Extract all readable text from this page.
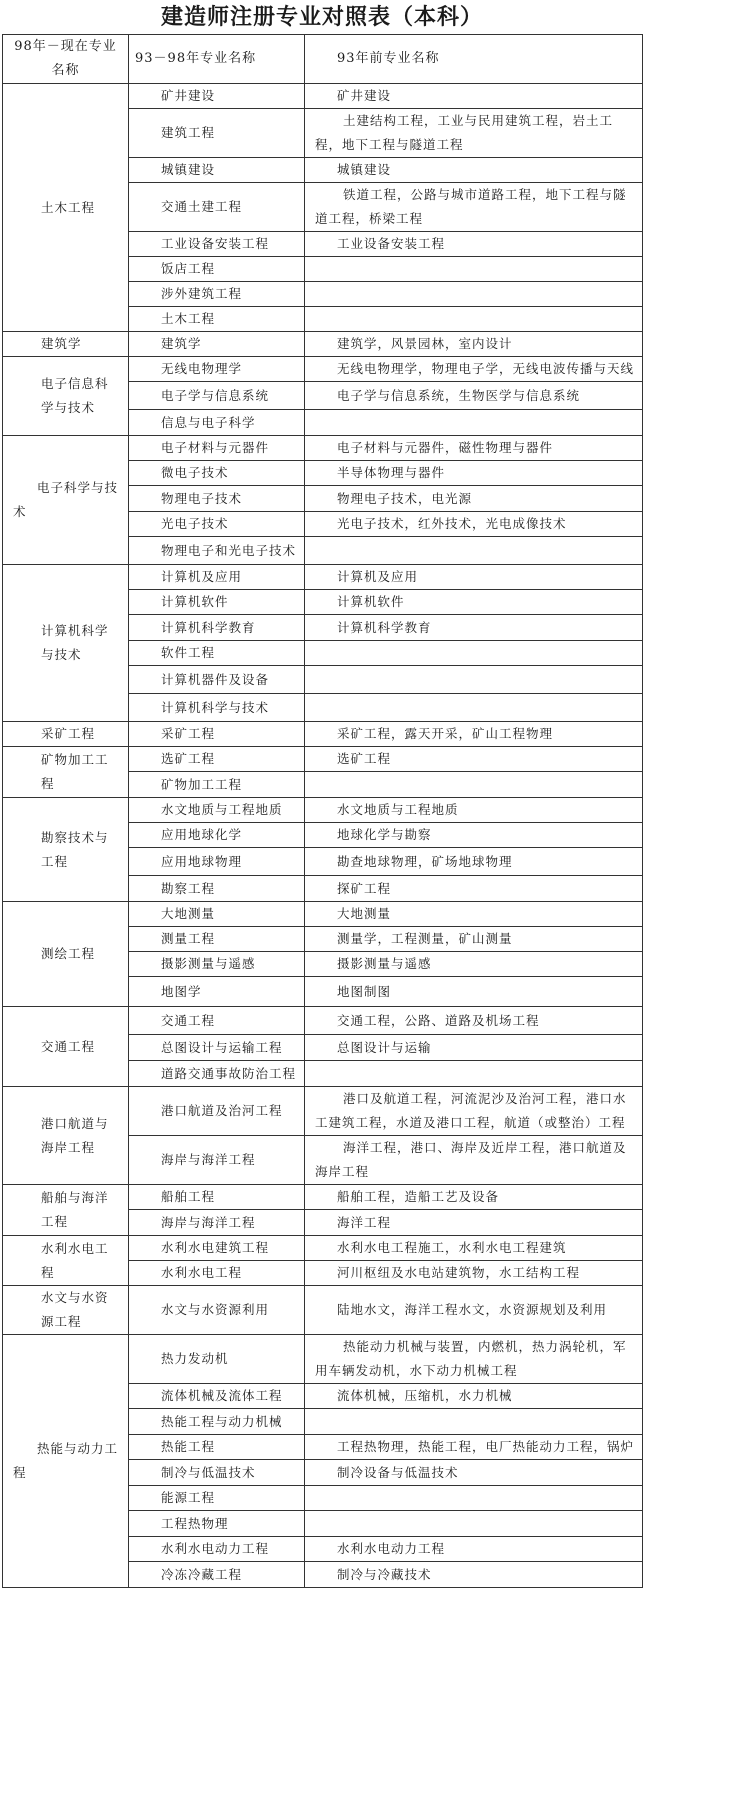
建造师注册专业对照表（本科）
98年－现在专业名称	93－98年专业名称	93年前专业名称
土木工程	矿井建设	矿井建设
	建筑工程	土建结构工程，工业与民用建筑工程，岩土工程，地下工程与隧道工程
	城镇建设	城镇建设
	交通土建工程	铁道工程，公路与城市道路工程，地下工程与隧道工程，桥梁工程
	工业设备安装工程	工业设备安装工程
	饭店工程	
	涉外建筑工程	
	土木工程	
建筑学	建筑学	建筑学，风景园林，室内设计
电子信息科学与技术	无线电物理学	无线电物理学，物理电子学，无线电波传播与天线
	电子学与信息系统	电子学与信息系统，生物医学与信息系统
	信息与电子科学	
电子科学与技术	电子材料与元器件	电子材料与元器件，磁性物理与器件
	微电子技术	半导体物理与器件
	物理电子技术	物理电子技术，电光源
	光电子技术	光电子技术，红外技术，光电成像技术
	物理电子和光电子技术	
计算机科学与技术	计算机及应用	计算机及应用
	计算机软件	计算机软件
	计算机科学教育	计算机科学教育
	软件工程	
	计算机器件及设备	
	计算机科学与技术	
采矿工程	采矿工程	采矿工程，露天开采，矿山工程物理
矿物加工工程	选矿工程	选矿工程
	矿物加工工程	
勘察技术与工程	水文地质与工程地质	水文地质与工程地质
	应用地球化学	地球化学与勘察
	应用地球物理	勘查地球物理，矿场地球物理
	勘察工程	探矿工程
测绘工程	大地测量	大地测量
	测量工程	测量学，工程测量，矿山测量
	摄影测量与遥感	摄影测量与遥感
	地图学	地图制图
交通工程	交通工程	交通工程，公路、道路及机场工程
	总图设计与运输工程	总图设计与运输
	道路交通事故防治工程	
港口航道与海岸工程	港口航道及治河工程	港口及航道工程，河流泥沙及治河工程，港口水工建筑工程，水道及港口工程，航道（或整治）工程
	海岸与海洋工程	海洋工程，港口、海岸及近岸工程，港口航道及海岸工程
船舶与海洋工程	船舶工程	船舶工程，造船工艺及设备
	海岸与海洋工程	海洋工程
水利水电工程	水利水电建筑工程	水利水电工程施工，水利水电工程建筑
	水利水电工程	河川枢纽及水电站建筑物，水工结构工程
水文与水资源工程	水文与水资源利用	陆地水文，海洋工程水文，水资源规划及利用
热能与动力工程	热力发动机	热能动力机械与装置，内燃机，热力涡轮机，军用车辆发动机，水下动力机械工程
	流体机械及流体工程	流体机械，压缩机，水力机械
	热能工程与动力机械	
	热能工程	工程热物理，热能工程，电厂热能动力工程，锅炉
	制冷与低温技术	制冷设备与低温技术
	能源工程	
	工程热物理	
	水利水电动力工程	水利水电动力工程
	冷冻冷藏工程	制冷与冷藏技术
